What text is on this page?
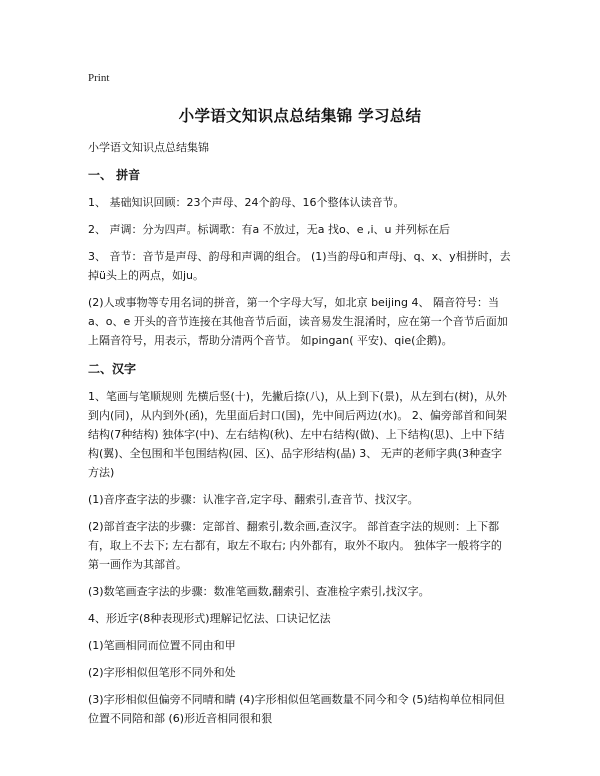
Print
小学语文知识点总结集锦 学习总结
小学语文知识点总结集锦
一、 拼音

1、 基础知识回顾：23个声母、24个韵母、16个整体认读音节。

2、 声调：分为四声。标调歌：有a 不放过，无a 找o、e ,i、u 并列标在后

3、 音节：音节是声母、韵母和声调的组合。 (1)当韵母ü和声母j、q、x、y相拼时，去掉ü头上的两点，如ju。

(2)人或事物等专用名词的拼音，第一个字母大写，如北京 beijing 4、 隔音符号：当a、o、e 开头的音节连接在其他音节后面，读音易发生混淆时，应在第一个音节后面加上隔音符号，用表示，帮助分清两个音节。 如pingan( 平安)、qie(企鹅)。

二、汉字

1、笔画与笔顺规则 先横后竖(十)，先撇后捺(八)，从上到下(景)，从左到右(树)，从外到内(同)，从内到外(函)，先里面后封口(国)，先中间后两边(水)。 2、偏旁部首和间架结构(7种结构) 独体字(中)、左右结构(秋)、左中右结构(做)、上下结构(思)、上中下结构(翼)、全包围和半包围结构(园、区)、品字形结构(晶) 3、 无声的老师字典(3种查字方法)

(1)音序查字法的步骤：认准字音,定字母、翻索引,查音节、找汉字。

(2)部首查字法的步骤：定部首、翻索引,数余画,查汉字。 部首查字法的规则：上下都有，取上不去下; 左右都有，取左不取右; 内外都有，取外不取内。 独体字一般将字的第一画作为其部首。

(3)数笔画查字法的步骤：数准笔画数,翻索引、查准检字索引,找汉字。

4、形近字(8种表现形式)理解记忆法、口诀记忆法

(1)笔画相同而位置不同由和甲

(2)字形相似但笔形不同外和处

(3)字形相似但偏旁不同晴和睛 (4)字形相似但笔画数量不同今和令 (5)结构单位相同但位置不同陪和部 (6)形近音相同很和狠
